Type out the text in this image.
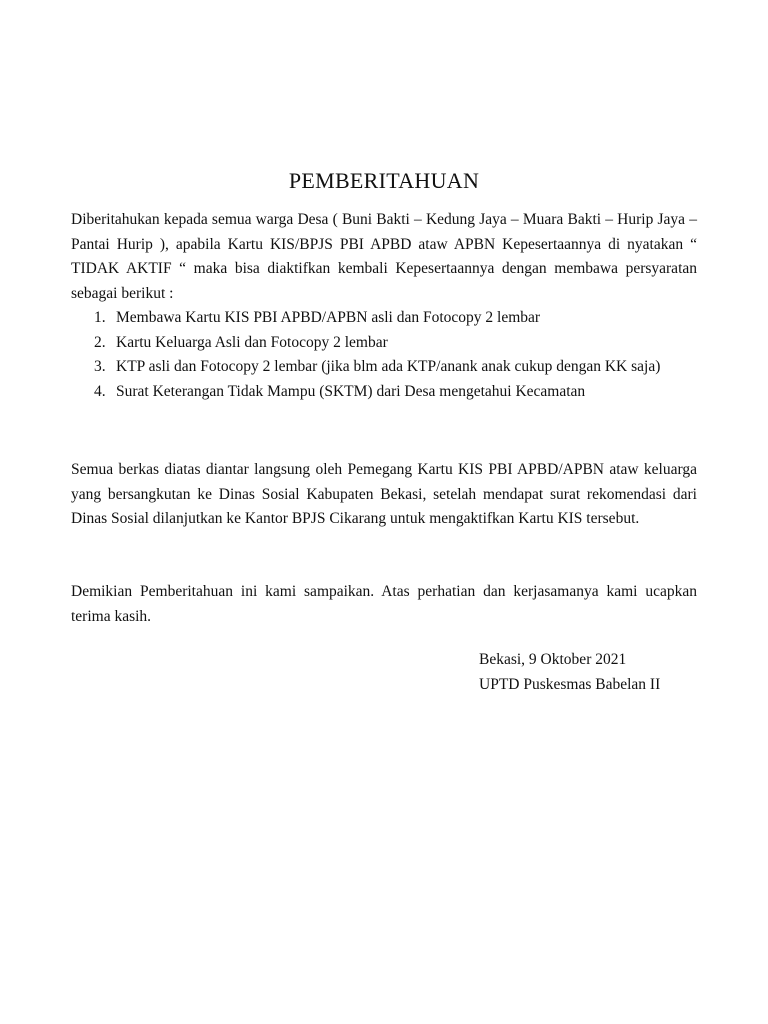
PEMBERITAHUAN

Diberitahukan kepada semua warga Desa ( Buni Bakti – Kedung Jaya – Muara Bakti – Hurip Jaya – Pantai Hurip ), apabila Kartu KIS/BPJS PBI APBD ataw APBN Kepesertaannya di nyatakan “ TIDAK AKTIF “ maka bisa diaktifkan kembali Kepesertaannya dengan membawa persyaratan sebagai berikut :

1. Membawa Kartu KIS PBI APBD/APBN asli dan Fotocopy 2 lembar
2. Kartu Keluarga Asli dan Fotocopy 2 lembar
3. KTP asli dan Fotocopy 2 lembar (jika blm ada KTP/anank anak cukup dengan KK saja)
4. Surat Keterangan Tidak Mampu (SKTM) dari Desa mengetahui Kecamatan

Semua berkas diatas diantar langsung oleh Pemegang Kartu KIS PBI APBD/APBN ataw keluarga yang bersangkutan ke Dinas Sosial Kabupaten Bekasi, setelah mendapat surat rekomendasi dari Dinas Sosial dilanjutkan ke Kantor BPJS Cikarang untuk mengaktifkan Kartu KIS tersebut.

Demikian Pemberitahuan ini kami sampaikan. Atas perhatian dan kerjasamanya kami ucapkan terima kasih.

Bekasi, 9 Oktober 2021
UPTD Puskesmas Babelan II
